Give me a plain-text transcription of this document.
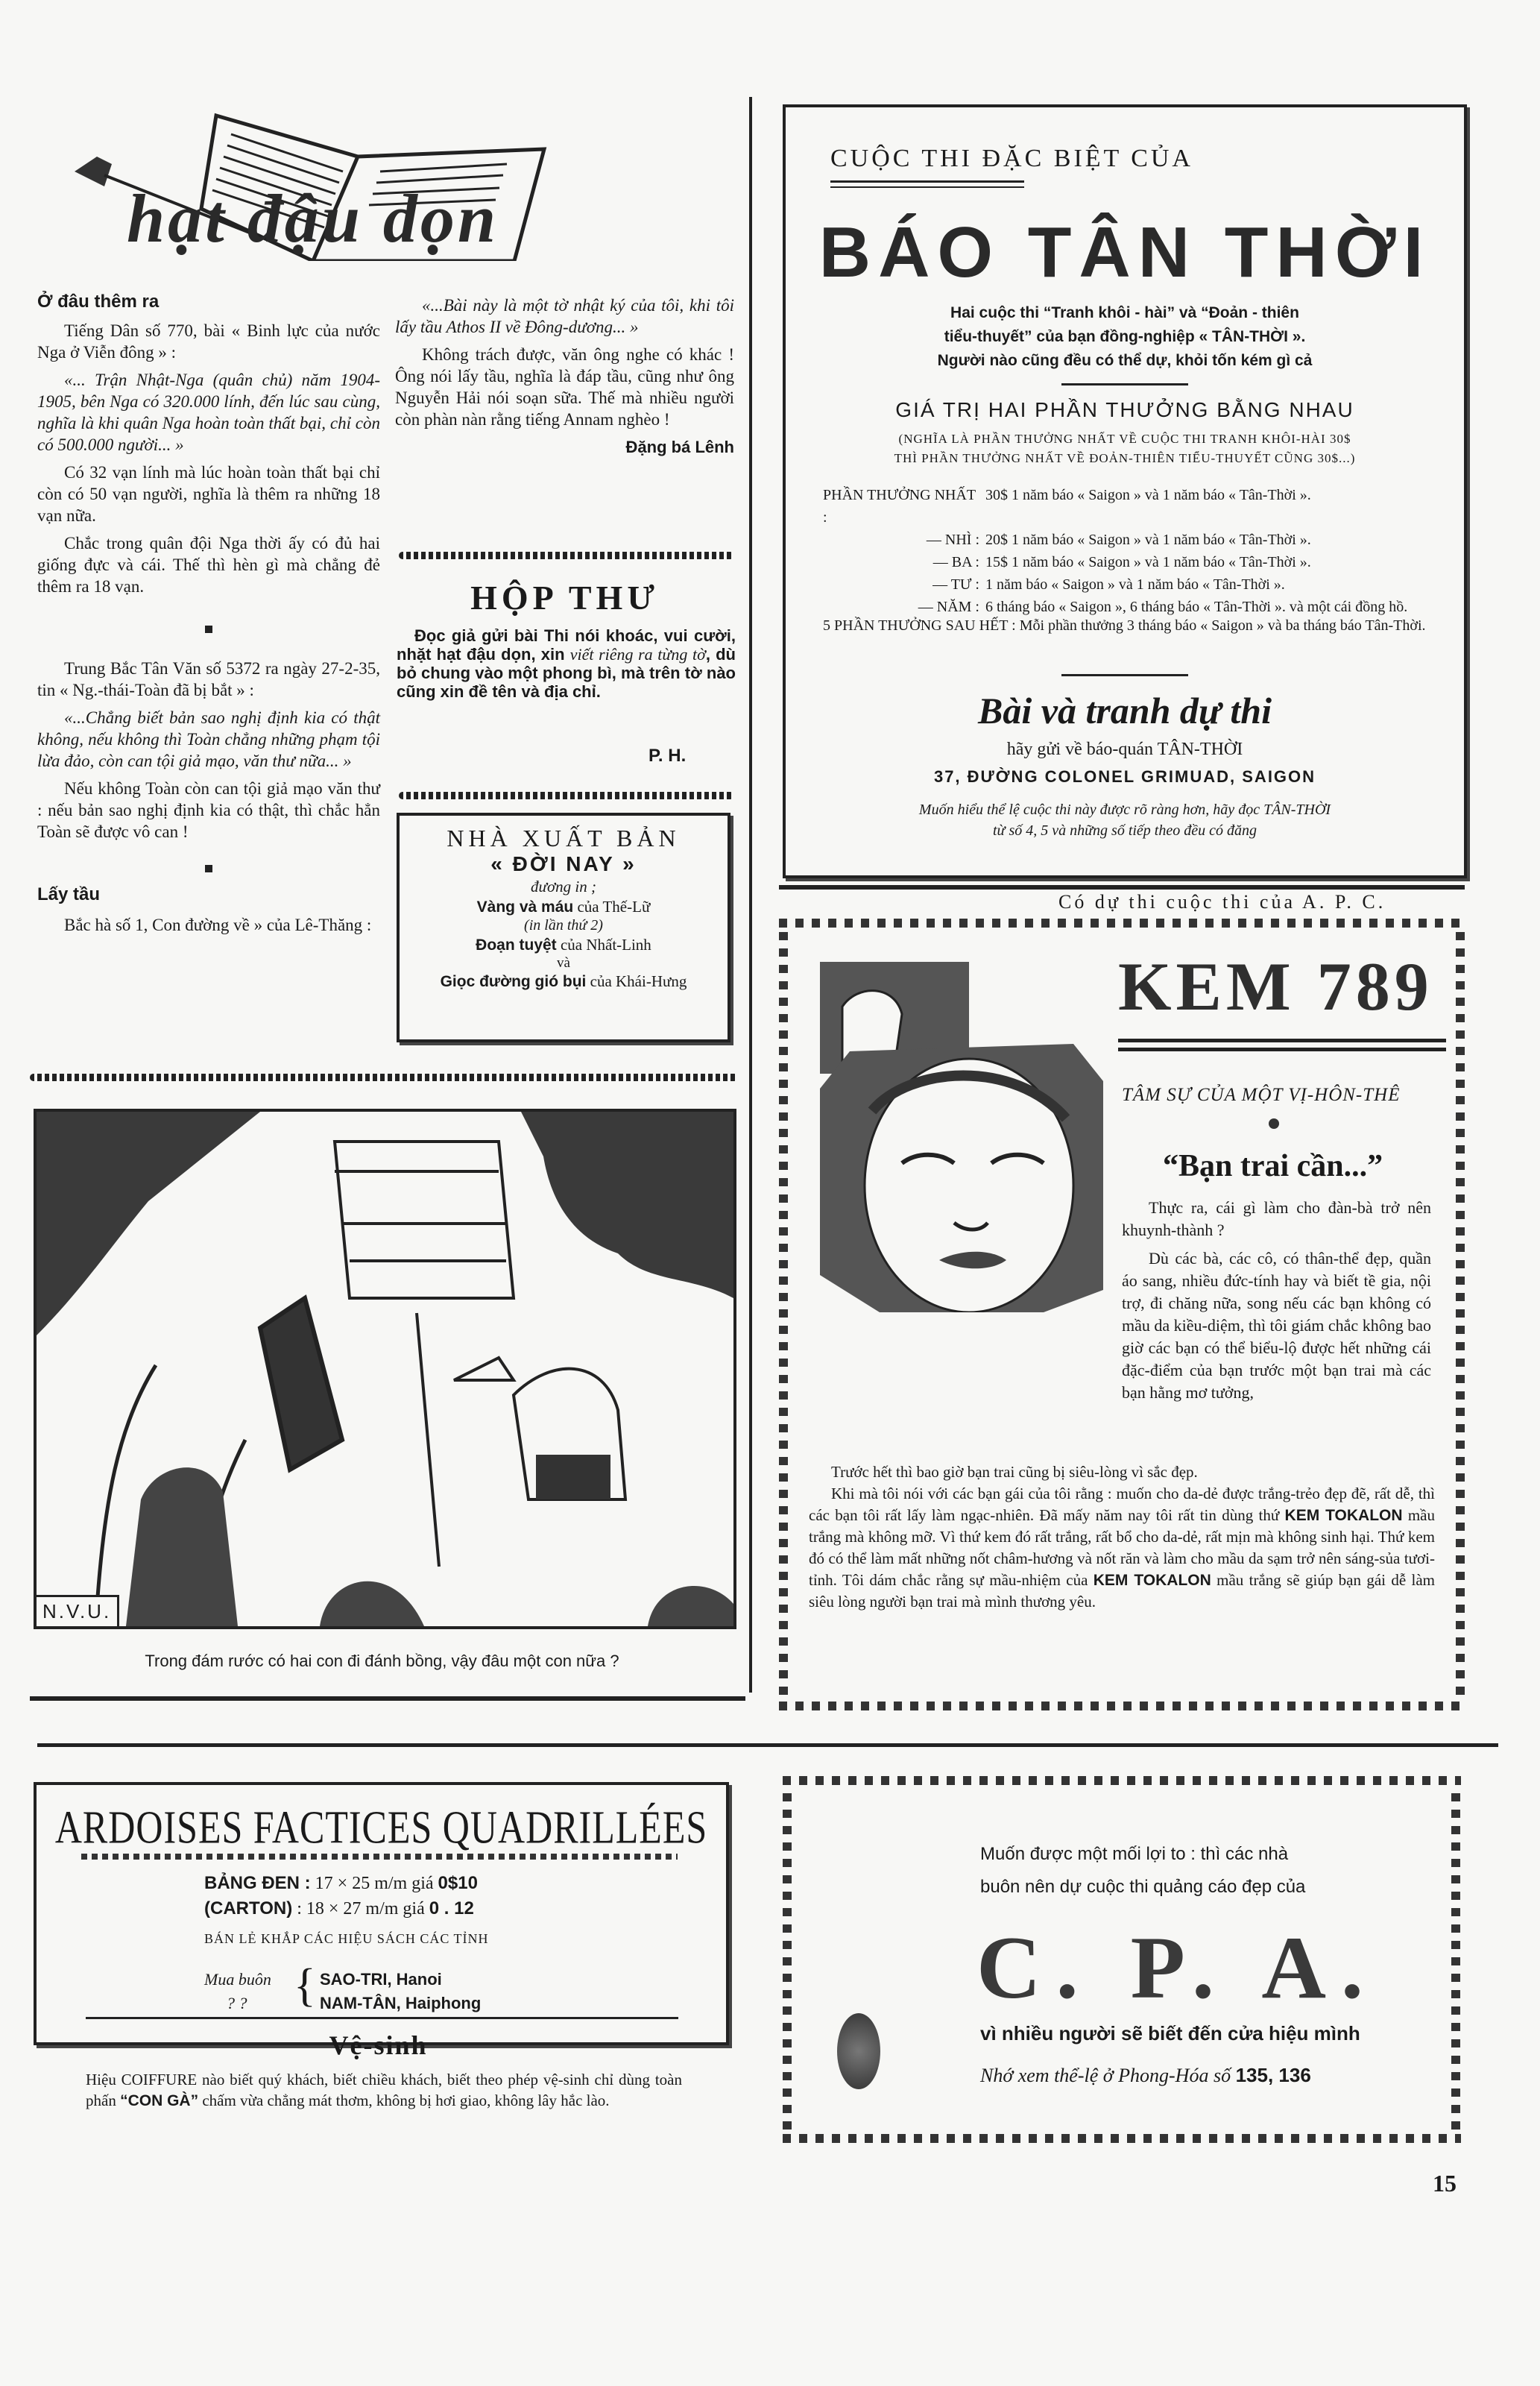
hạt đậu dọn
Ở đâu thêm ra

Tiếng Dân số 770, bài « Binh lực của nước Nga ở Viễn đông » :

«... Trận Nhật-Nga (quân chủ) năm 1904-1905, bên Nga có 320.000 lính, đến lúc sau cùng, nghĩa là khi quân Nga hoàn toàn thất bại, chỉ còn có 500.000 người... »

Có 32 vạn lính mà lúc hoàn toàn thất bại chỉ còn có 50 vạn người, nghĩa là thêm ra những 18 vạn nữa.

Chắc trong quân đội Nga thời ấy có đủ hai giống đực và cái. Thế thì hèn gì mà chẳng đẻ thêm ra 18 vạn.

Trung Bắc Tân Văn số 5372 ra ngày 27-2-35, tin « Ng.-thái-Toàn đã bị bắt » :

«...Chẳng biết bản sao nghị định kia có thật không, nếu không thì Toàn chẳng những phạm tội lừa đảo, còn can tội giả mạo, văn thư nữa... »

Nếu không Toàn còn can tội giả mạo văn thư : nếu bản sao nghị định kia có thật, thì chắc hẳn Toàn sẽ được vô can !

Lấy tầu

Bắc hà số 1, Con đường về » của Lê-Thăng :

«...Bài này là một tờ nhật ký của tôi, khi tôi lấy tầu Athos II về Đông-dương... »

Không trách được, văn ông nghe có khác ! Ông nói lấy tầu, nghĩa là đáp tầu, cũng như ông Nguyễn Hải nói soạn sữa. Thế mà nhiều người còn phàn nàn rằng tiếng Annam nghèo !

Đặng bá Lênh
HỘP THƯ
Đọc giả gửi bài Thi nói khoác, vui cười, nhặt hạt đậu dọn, xin viết riêng ra từng tờ, dù bỏ chung vào một phong bì, mà trên tờ nào cũng xin đề tên và địa chỉ.
P. H.
NHÀ XUẤT BẢN
« ĐỜI NAY »
đương in ;
Vàng và máu của Thế-Lữ
(in lần thứ 2)
Đoạn tuyệt của Nhất-Linh
và
Giọc đường gió bụi của Khái-Hưng
N.V.U.
Trong đám rước có hai con đi đánh bồng, vậy đâu một con nữa ?
CUỘC THI ĐẶC BIỆT CỦA
BÁO TÂN THỜI
Hai cuộc thi “Tranh khôi - hài” và “Đoản - thiên
tiểu-thuyết” của bạn đồng-nghiệp « TÂN-THỜI ».
Người nào cũng đều có thể dự, khỏi tốn kém gì cả
GIÁ TRỊ HAI PHẦN THƯỞNG BẰNG NHAU
(NGHĨA LÀ PHẦN THƯỞNG NHẤT VỀ CUỘC THI TRANH KHÔI-HÀI 30$
THÌ PHẦN THƯỞNG NHẤT VỀ ĐOẢN-THIÊN TIỂU-THUYẾT CŨNG 30$...)
PHẦN THƯỞNG NHẤT :
30$ 1 năm báo « Saigon » và 1 năm báo « Tân-Thời ».
— NHÌ : 20$ 1 năm báo « Saigon » và 1 năm báo « Tân-Thời ».
— BA : 15$ 1 năm báo « Saigon » và 1 năm báo « Tân-Thời ».
— TƯ : 1 năm báo « Saigon » và 1 năm báo « Tân-Thời ».
— NĂM : 6 tháng báo « Saigon », 6 tháng báo « Tân-Thời ». và một cái đồng hồ.
5 PHẦN THƯỞNG SAU HẾT : Mỗi phần thưởng 3 tháng báo « Saigon » và ba tháng báo Tân-Thời.
Bài và tranh dự thi
hãy gửi về báo-quán TÂN-THỜI
37, ĐƯỜNG COLONEL GRIMUAD, SAIGON
Muốn hiểu thể lệ cuộc thi này được rõ ràng hơn, hãy đọc TÂN-THỜI
từ số 4, 5 và những số tiếp theo đều có đăng
Có dự thi cuộc thi của A. P. C.
KEM 789
TÂM SỰ CỦA MỘT VỊ-HÔN-THÊ
“Bạn trai cần...”

Thực ra, cái gì làm cho đàn-bà trở nên khuynh-thành ?

Dù các bà, các cô, có thân-thể đẹp, quần áo sang, nhiều đức-tính hay và biết tề gia, nội trợ, đi chăng nữa, song nếu các bạn không có mầu da kiều-diệm, thì tôi giám chắc không bao giờ các bạn có thể biểu-lộ được hết những cái đặc-điểm của bạn trước một bạn trai mà các bạn hằng mơ tưởng,

Trước hết thì bao giờ bạn trai cũng bị siêu-lòng vì sắc đẹp.

Khi mà tôi nói với các bạn gái của tôi rằng : muốn cho da-dẻ được trắng-trẻo đẹp đẽ, rất dễ, thì các bạn tôi rất lấy làm ngạc-nhiên. Đã mấy năm nay tôi rất tin dùng thứ KEM TOKALON mầu trắng mà không mỡ. Vì thứ kem đó rất trắng, rất bổ cho da-dẻ, rất mịn mà không sinh hại. Thứ kem đó có thể làm mất những nốt châm-hương và nốt răn và làm cho mầu da sạm trở nên sáng-sủa tươi-tỉnh. Tôi dám chắc rằng sự mầu-nhiệm của KEM TOKALON mầu trắng sẽ giúp bạn gái dễ làm siêu lòng người bạn trai mà mình thương yêu.

ARDOISES FACTICES QUADRILLÉES
BẢNG ĐEN : 17 × 25 m/m giá 0$10
(CARTON) : 18 × 27 m/m giá 0 . 12
BÁN LẺ KHẮP CÁC HIỆU SÁCH CÁC TỈNH
Mua buôn
? ?	{ SAO-TRI, Hanoi
NAM-TÂN, Haiphong
Vệ-sinh
Hiệu COIFFURE nào biết quý khách, biết chiều khách, biết theo phép vệ-sinh chỉ dùng toàn phấn “CON GÀ” chấm vừa chẳng mát thơm, không bị hơi giao, không lây hắc lào.
Muốn được một mối lợi to : thì các nhà
buôn nên dự cuộc thi quảng cáo đẹp của
C. P. A.
vì nhiều người sẽ biết đến cửa hiệu mình
Nhớ xem thể-lệ ở Phong-Hóa số 135, 136
15
